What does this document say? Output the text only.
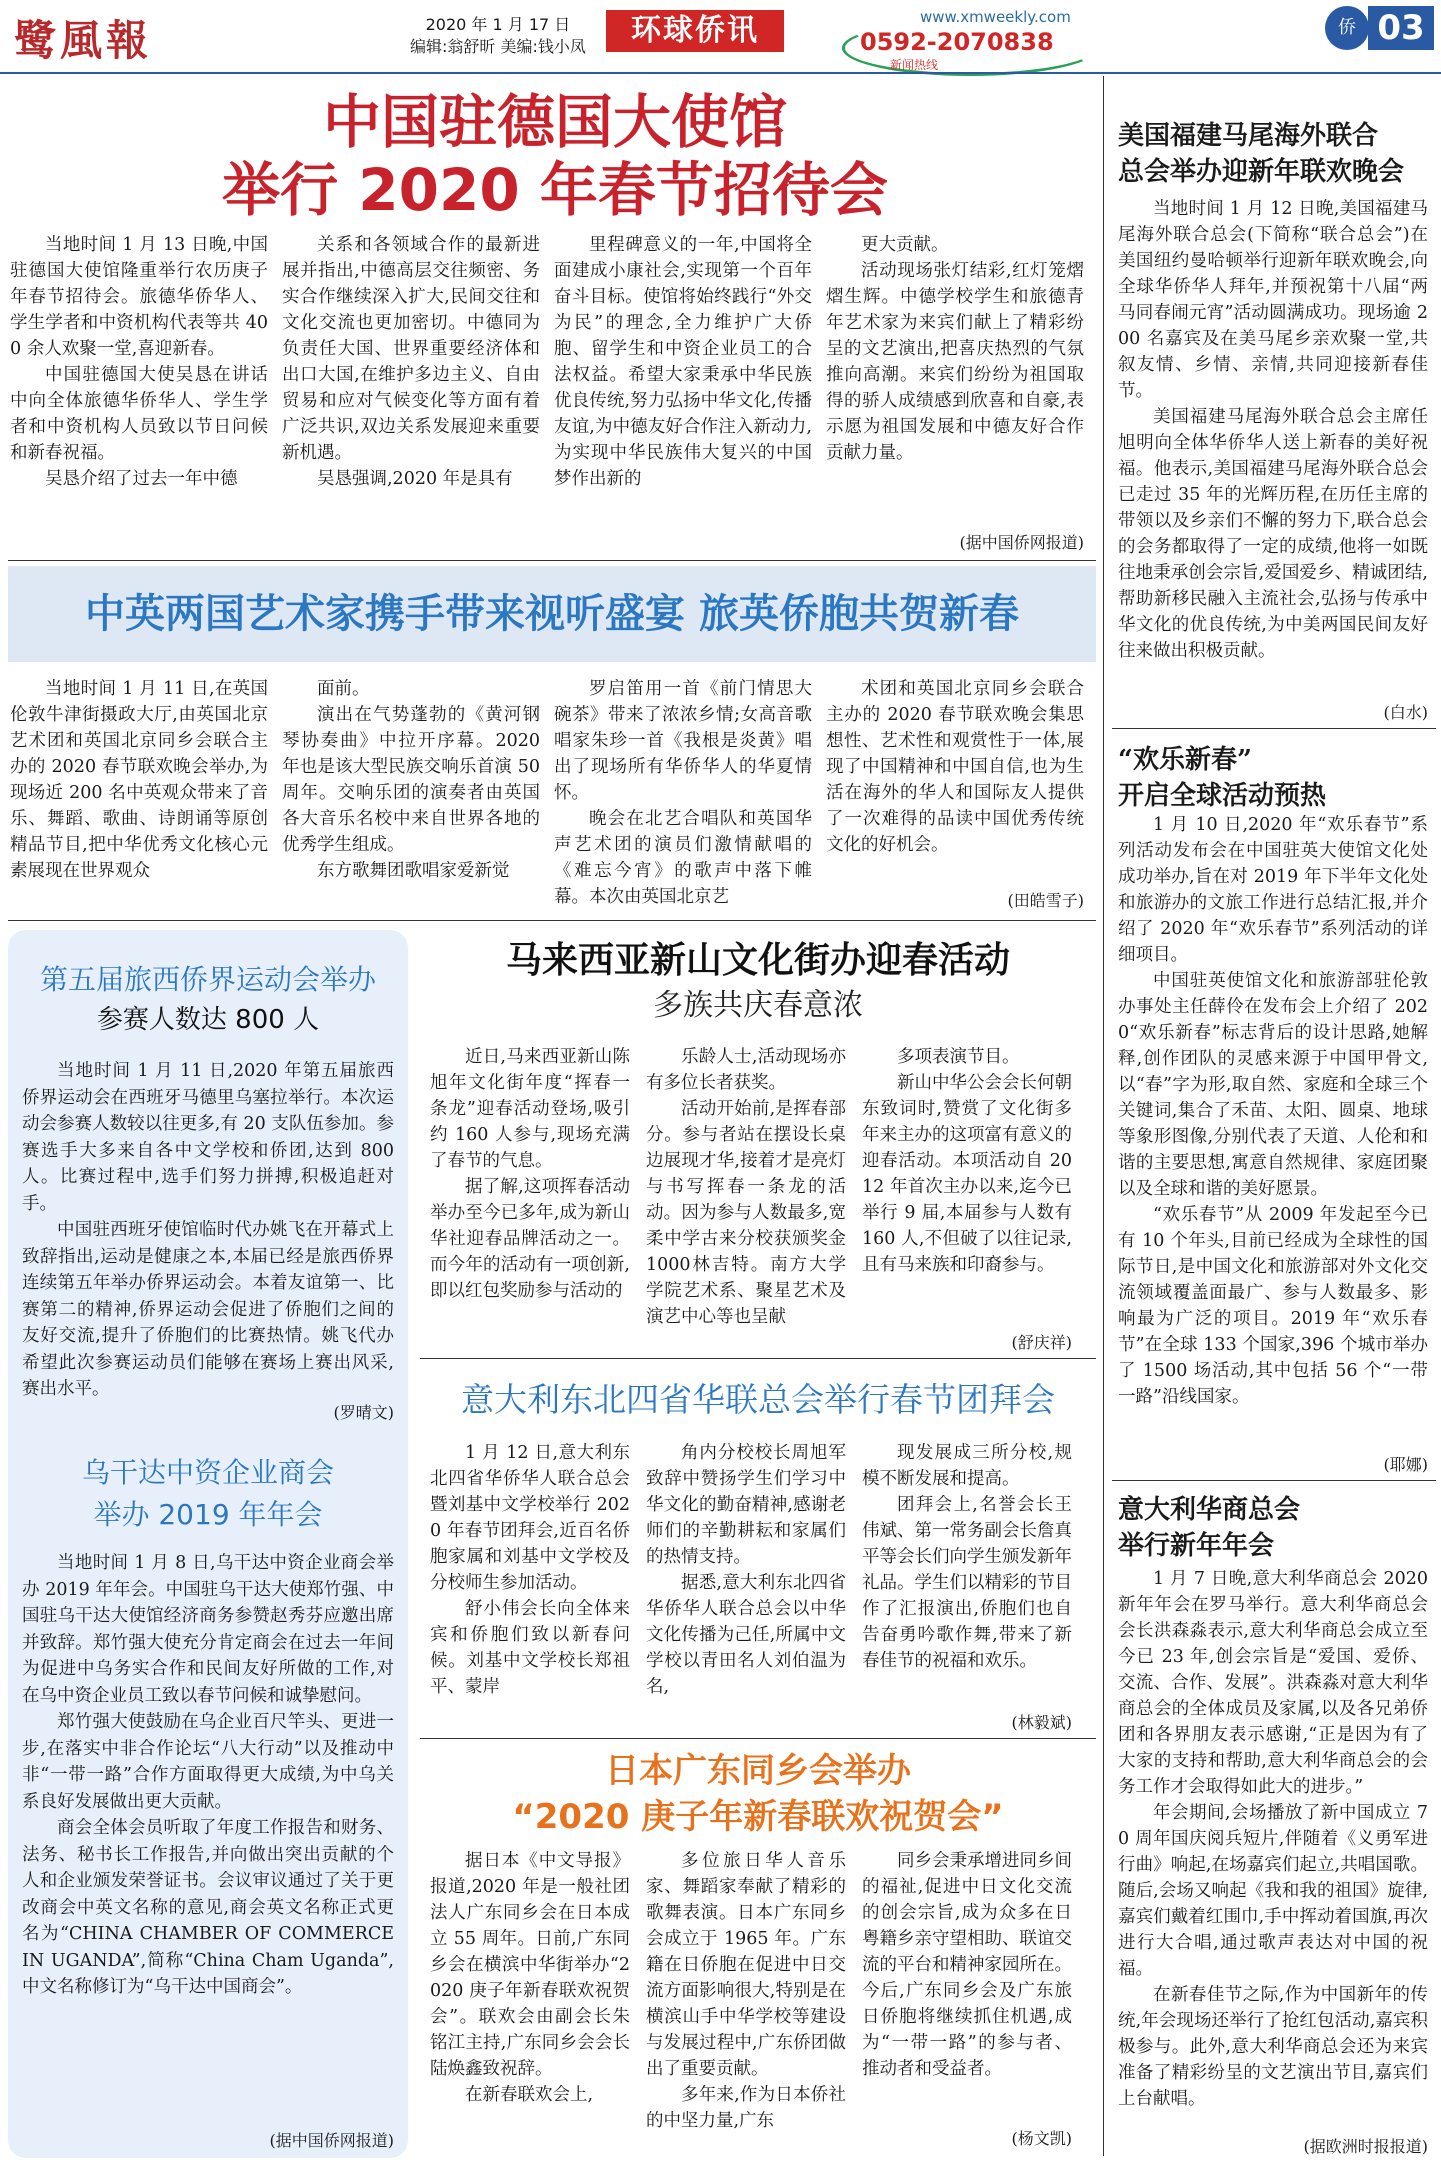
鹭風報	2020 年 1 月 17 日
编辑:翁舒昕 美编:钱小凤	环球侨讯	www.xmweekly.com
0592-2070838
新闻热线
侨 03
中国驻德国大使馆
举行 2020 年春节招待会

当地时间 1 月 13 日晚,中国驻德国大使馆隆重举行农历庚子年春节招待会。旅德华侨华人、学生学者和中资机构代表等共 400 余人欢聚一堂,喜迎新春。

中国驻德国大使吴恳在讲话中向全体旅德华侨华人、学生学者和中资机构人员致以节日问候和新春祝福。

吴恳介绍了过去一年中德

关系和各领域合作的最新进展并指出,中德高层交往频密、务实合作继续深入扩大,民间交往和文化交流也更加密切。中德同为负责任大国、世界重要经济体和出口大国,在维护多边主义、自由贸易和应对气候变化等方面有着广泛共识,双边关系发展迎来重要新机遇。

吴恳强调,2020 年是具有

里程碑意义的一年,中国将全面建成小康社会,实现第一个百年奋斗目标。使馆将始终践行“外交为民”的理念,全力维护广大侨胞、留学生和中资企业员工的合法权益。希望大家秉承中华民族优良传统,努力弘扬中华文化,传播友谊,为中德友好合作注入新动力,为实现中华民族伟大复兴的中国梦作出新的

更大贡献。

活动现场张灯结彩,红灯笼熠熠生辉。中德学校学生和旅德青年艺术家为来宾们献上了精彩纷呈的文艺演出,把喜庆热烈的气氛推向高潮。来宾们纷纷为祖国取得的骄人成绩感到欣喜和自豪,表示愿为祖国发展和中德友好合作贡献力量。

(据中国侨网报道)
中英两国艺术家携手带来视听盛宴 旅英侨胞共贺新春

当地时间 1 月 11 日,在英国伦敦牛津街摄政大厅,由英国北京艺术团和英国北京同乡会联合主办的 2020 春节联欢晚会举办,为现场近 200 名中英观众带来了音乐、舞蹈、歌曲、诗朗诵等原创精品节目,把中华优秀文化核心元素展现在世界观众

面前。

演出在气势蓬勃的《黄河钢琴协奏曲》中拉开序幕。2020 年也是该大型民族交响乐首演 50 周年。交响乐团的演奏者由英国各大音乐名校中来自世界各地的优秀学生组成。

东方歌舞团歌唱家爱新觉

罗启笛用一首《前门情思大碗茶》带来了浓浓乡情;女高音歌唱家朱珍一首《我根是炎黄》唱出了现场所有华侨华人的华夏情怀。

晚会在北艺合唱队和英国华声艺术团的演员们激情献唱的《难忘今宵》的歌声中落下帷幕。本次由英国北京艺

术团和英国北京同乡会联合主办的 2020 春节联欢晚会集思想性、艺术性和观赏性于一体,展现了中国精神和中国自信,也为生活在海外的华人和国际友人提供了一次难得的品读中国优秀传统文化的好机会。

(田皓雪子)
第五届旅西侨界运动会举办
参赛人数达 800 人

当地时间 1 月 11 日,2020 年第五届旅西侨界运动会在西班牙马德里乌塞拉举行。本次运动会参赛人数较以往更多,有 20 支队伍参加。参赛选手大多来自各中文学校和侨团,达到 800 人。比赛过程中,选手们努力拼搏,积极追赶对手。

中国驻西班牙使馆临时代办姚飞在开幕式上致辞指出,运动是健康之本,本届已经是旅西侨界连续第五年举办侨界运动会。本着友谊第一、比赛第二的精神,侨界运动会促进了侨胞们之间的友好交流,提升了侨胞们的比赛热情。姚飞代办希望此次参赛运动员们能够在赛场上赛出风采,赛出水平。

(罗晴文)
乌干达中资企业商会
举办 2019 年年会

当地时间 1 月 8 日,乌干达中资企业商会举办 2019 年年会。中国驻乌干达大使郑竹强、中国驻乌干达大使馆经济商务参赞赵秀芬应邀出席并致辞。郑竹强大使充分肯定商会在过去一年间为促进中乌务实合作和民间友好所做的工作,对在乌中资企业员工致以春节问候和诚挚慰问。

郑竹强大使鼓励在乌企业百尺竿头、更进一步,在落实中非合作论坛“八大行动”以及推动中非“一带一路”合作方面取得更大成绩,为中乌关系良好发展做出更大贡献。

商会全体会员听取了年度工作报告和财务、法务、秘书长工作报告,并向做出突出贡献的个人和企业颁发荣誉证书。会议审议通过了关于更改商会中英文名称的意见,商会英文名称正式更名为“CHINA CHAMBER OF COMMERCE IN UGANDA”,简称“China Cham Uganda”,中文名称修订为“乌干达中国商会”。

(据中国侨网报道)
马来西亚新山文化街办迎春活动
多族共庆春意浓

近日,马来西亚新山陈旭年文化街年度“挥春一条龙”迎春活动登场,吸引约 160 人参与,现场充满了春节的气息。

据了解,这项挥春活动举办至今已多年,成为新山华社迎春品牌活动之一。而今年的活动有一项创新,即以红包奖励参与活动的

乐龄人士,活动现场亦有多位长者获奖。

活动开始前,是挥春部分。参与者站在摆设长桌边展现才华,接着才是亮灯与书写挥春一条龙的活动。因为参与人数最多,宽柔中学古来分校获颁奖金1000林吉特。南方大学学院艺术系、聚星艺术及演艺中心等也呈献

多项表演节目。

新山中华公会会长何朝东致词时,赞赏了文化街多年来主办的这项富有意义的迎春活动。本项活动自 2012 年首次主办以来,迄今已举行 9 届,本届参与人数有 160 人,不但破了以往记录,且有马来族和印裔参与。

(舒庆祥)
意大利东北四省华联总会举行春节团拜会

1 月 12 日,意大利东北四省华侨华人联合总会暨刘基中文学校举行 2020 年春节团拜会,近百名侨胞家属和刘基中文学校及分校师生参加活动。

舒小伟会长向全体来宾和侨胞们致以新春问候。刘基中文学校长郑祖平、蒙岸

角内分校校长周旭军致辞中赞扬学生们学习中华文化的勤奋精神,感谢老师们的辛勤耕耘和家属们的热情支持。

据悉,意大利东北四省华侨华人联合总会以中华文化传播为己任,所属中文学校以青田名人刘伯温为名,

现发展成三所分校,规模不断发展和提高。

团拜会上,名誉会长王伟斌、第一常务副会长詹真平等会长们向学生颁发新年礼品。学生们以精彩的节目作了汇报演出,侨胞们也自告奋勇吟歌作舞,带来了新春佳节的祝福和欢乐。

(林毅斌)
日本广东同乡会举办
“2020 庚子年新春联欢祝贺会”

据日本《中文导报》报道,2020 年是一般社团法人广东同乡会在日本成立 55 周年。日前,广东同乡会在横滨中华街举办“2020 庚子年新春联欢祝贺会”。联欢会由副会长朱铭江主持,广东同乡会会长陆焕鑫致祝辞。

在新春联欢会上,

多位旅日华人音乐家、舞蹈家奉献了精彩的歌舞表演。日本广东同乡会成立于 1965 年。广东籍在日侨胞在促进中日交流方面影响很大,特别是在横滨山手中华学校等建设与发展过程中,广东侨团做出了重要贡献。

多年来,作为日本侨社的中坚力量,广东

同乡会秉承增进同乡间的福祉,促进中日文化交流的创会宗旨,成为众多在日粤籍乡亲守望相助、联谊交流的平台和精神家园所在。今后,广东同乡会及广东旅日侨胞将继续抓住机遇,成为“一带一路”的参与者、推动者和受益者。

(杨文凯)
美国福建马尾海外联合
总会举办迎新年联欢晚会

当地时间 1 月 12 日晚,美国福建马尾海外联合总会(下简称“联合总会”)在美国纽约曼哈顿举行迎新年联欢晚会,向全球华侨华人拜年,并预祝第十八届“两马同春闹元宵”活动圆满成功。现场逾 200 名嘉宾及在美马尾乡亲欢聚一堂,共叙友情、乡情、亲情,共同迎接新春佳节。

美国福建马尾海外联合总会主席任旭明向全体华侨华人送上新春的美好祝福。他表示,美国福建马尾海外联合总会已走过 35 年的光辉历程,在历任主席的带领以及乡亲们不懈的努力下,联合总会的会务都取得了一定的成绩,他将一如既往地秉承创会宗旨,爱国爱乡、精诚团结,帮助新移民融入主流社会,弘扬与传承中华文化的优良传统,为中美两国民间友好往来做出积极贡献。

(白水)
“欢乐新春”
开启全球活动预热

1 月 10 日,2020 年“欢乐春节”系列活动发布会在中国驻英大使馆文化处成功举办,旨在对 2019 年下半年文化处和旅游办的文旅工作进行总结汇报,并介绍了 2020 年“欢乐春节”系列活动的详细项目。

中国驻英使馆文化和旅游部驻伦敦办事处主任薛伶在发布会上介绍了 2020“欢乐新春”标志背后的设计思路,她解释,创作团队的灵感来源于中国甲骨文,以“春”字为形,取自然、家庭和全球三个关键词,集合了禾苗、太阳、圆桌、地球等象形图像,分别代表了天道、人伦和和谐的主要思想,寓意自然规律、家庭团聚以及全球和谐的美好愿景。

“欢乐春节”从 2009 年发起至今已有 10 个年头,目前已经成为全球性的国际节日,是中国文化和旅游部对外文化交流领域覆盖面最广、参与人数最多、影响最为广泛的项目。2019 年“欢乐春节”在全球 133 个国家,396 个城市举办了 1500 场活动,其中包括 56 个“一带一路”沿线国家。

(耶娜)
意大利华商总会
举行新年年会

1 月 7 日晚,意大利华商总会 2020 新年年会在罗马举行。意大利华商总会会长洪森淼表示,意大利华商总会成立至今已 23 年,创会宗旨是“爱国、爱侨、交流、合作、发展”。洪森淼对意大利华商总会的全体成员及家属,以及各兄弟侨团和各界朋友表示感谢,“正是因为有了大家的支持和帮助,意大利华商总会的会务工作才会取得如此大的进步。”

年会期间,会场播放了新中国成立 70 周年国庆阅兵短片,伴随着《义勇军进行曲》响起,在场嘉宾们起立,共唱国歌。随后,会场又响起《我和我的祖国》旋律,嘉宾们戴着红围巾,手中挥动着国旗,再次进行大合唱,通过歌声表达对中国的祝福。

在新春佳节之际,作为中国新年的传统,年会现场还举行了抢红包活动,嘉宾积极参与。此外,意大利华商总会还为来宾准备了精彩纷呈的文艺演出节目,嘉宾们上台献唱。

(据欧洲时报报道)
